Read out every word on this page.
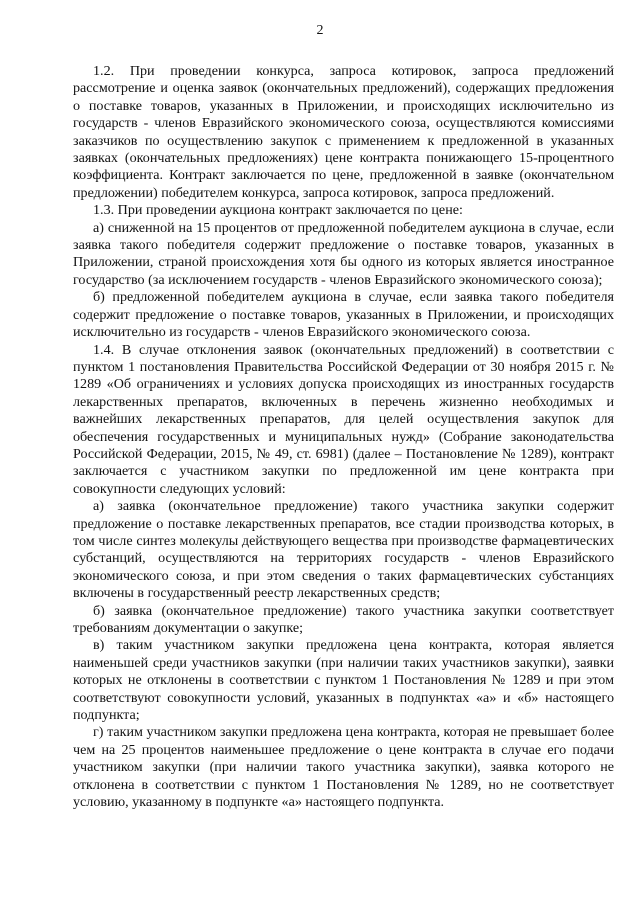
2

1.2. При проведении конкурса, запроса котировок, запроса предложений рассмотрение и оценка заявок (окончательных предложений), содержащих предложения о поставке товаров, указанных в Приложении, и происходящих исключительно из государств - членов Евразийского экономического союза, осуществляются комиссиями заказчиков по осуществлению закупок с применением к предложенной в указанных заявках (окончательных предложениях) цене контракта понижающего 15-процентного коэффициента. Контракт заключается по цене, предложенной в заявке (окончательном предложении) победителем конкурса, запроса котировок, запроса предложений.

1.3. При проведении аукциона контракт заключается по цене:

а) сниженной на 15 процентов от предложенной победителем аукциона в случае, если заявка такого победителя содержит предложение о поставке товаров, указанных в Приложении, страной происхождения хотя бы одного из которых является иностранное государство (за исключением государств - членов Евразийского экономического союза);

б) предложенной победителем аукциона в случае, если заявка такого победителя содержит предложение о поставке товаров, указанных в Приложении, и происходящих исключительно из государств - членов Евразийского экономического союза.

1.4. В случае отклонения заявок (окончательных предложений) в соответствии с пунктом 1 постановления Правительства Российской Федерации от 30 ноября 2015 г. № 1289 «Об ограничениях и условиях допуска происходящих из иностранных государств лекарственных препаратов, включенных в перечень жизненно необходимых и важнейших лекарственных препаратов, для целей осуществления закупок для обеспечения государственных и муниципальных нужд» (Собрание законодательства Российской Федерации, 2015, № 49, ст. 6981) (далее – Постановление № 1289), контракт заключается с участником закупки по предложенной им цене контракта при совокупности следующих условий:

а) заявка (окончательное предложение) такого участника закупки содержит предложение о поставке лекарственных препаратов, все стадии производства которых, в том числе синтез молекулы действующего вещества при производстве фармацевтических субстанций, осуществляются на территориях государств - членов Евразийского экономического союза, и при этом сведения о таких фармацевтических субстанциях включены в государственный реестр лекарственных средств;

б) заявка (окончательное предложение) такого участника закупки соответствует требованиям документации о закупке;

в) таким участником закупки предложена цена контракта, которая является наименьшей среди участников закупки (при наличии таких участников закупки), заявки которых не отклонены в соответствии с пунктом 1 Постановления № 1289 и при этом соответствуют совокупности условий, указанных в подпунктах «а» и «б» настоящего подпункта;

г) таким участником закупки предложена цена контракта, которая не превышает более чем на 25 процентов наименьшее предложение о цене контракта в случае его подачи участником закупки (при наличии такого участника закупки), заявка которого не отклонена в соответствии с пунктом 1 Постановления № 1289, но не соответствует условию, указанному в подпункте «а» настоящего подпункта.
